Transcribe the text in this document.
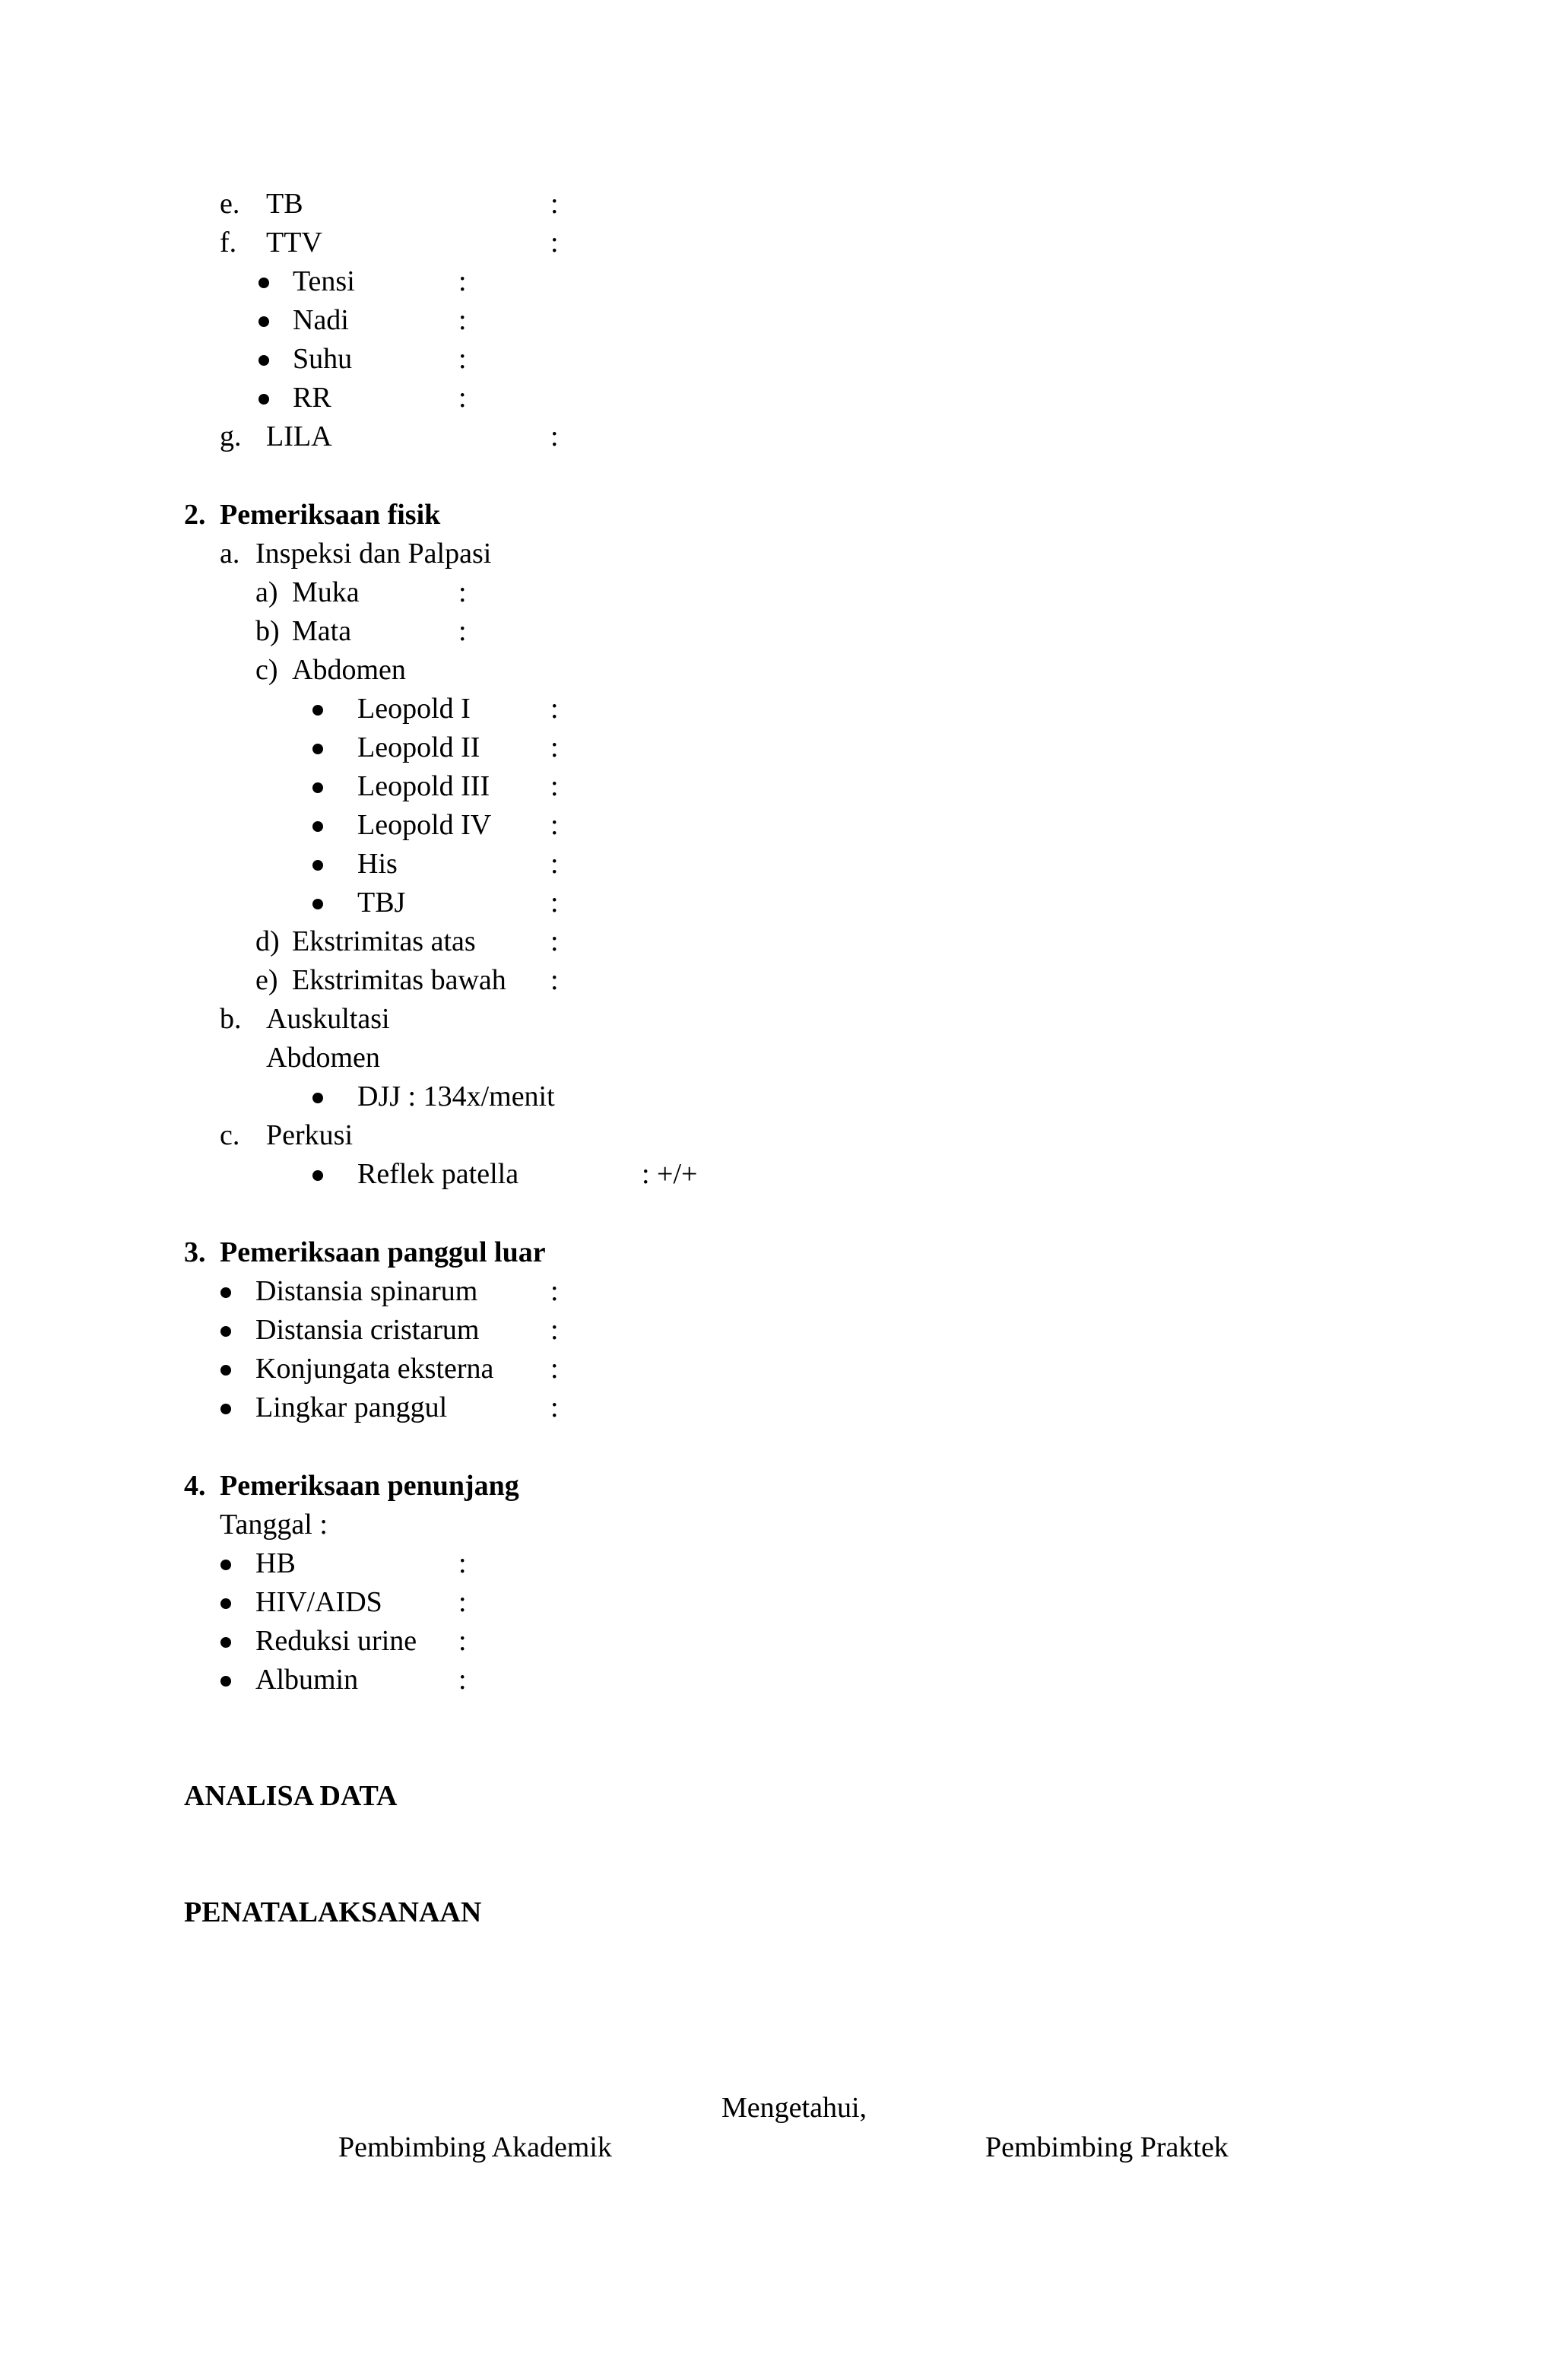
e. TB	:
f. TTV	:
Tensi	:
Nadi	:
Suhu	:
RR	:
g. LILA	:
2. Pemeriksaan fisik
a. Inspeksi dan Palpasi
a) Muka	:
b) Mata	:
c) Abdomen
Leopold I	:
Leopold II :
Leopold III :
Leopold IV :
His	:
TBJ	:
d) Ekstrimitas atas	:
e) Ekstrimitas bawah :
b. Auskultasi
Abdomen
DJJ : 134x/menit
c. Perkusi
Reflek patella	: +/+
3. Pemeriksaan panggul luar
Distansia spinarum	:
Distansia cristarum :
Konjungata eksterna :
Lingkar panggul	:
4. Pemeriksaan penunjang
Tanggal :
HB	:
HIV/AIDS	:
Reduksi urine :
Albumin	:
ANALISA DATA
PENATALAKSANAAN
Mengetahui,
Pembimbing Akademik	Pembimbing Praktek
